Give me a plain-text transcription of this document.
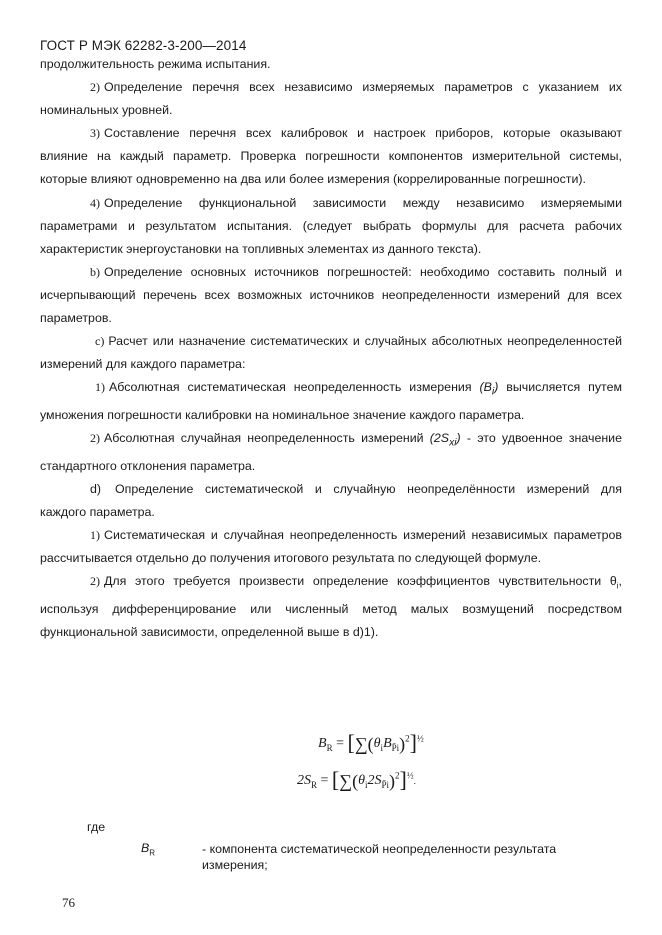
ГОСТ Р МЭК 62282-3-200—2014

продолжительность режима испытания.

2) Определение перечня всех независимо измеряемых параметров с указанием их номинальных уровней.

3) Составление перечня всех калибровок и настроек приборов, которые оказывают влияние на каждый параметр. Проверка погрешности компонентов измерительной системы, которые влияют одновременно на два или более измерения (коррелированные погрешности).

4) Определение функциональной зависимости между независимо измеряемыми параметрами и результатом испытания. (следует выбрать формулы для расчета рабочих характеристик энергоустановки на топливных элементах из данного текста).

b) Определение основных источников погрешностей: необходимо составить полный и исчерпывающий перечень всех возможных источников неопределенности измерений для всех параметров.

c) Расчет или назначение систематических и случайных абсолютных неопределенностей измерений для каждого параметра:

1) Абсолютная систематическая неопределенность измерения $(B_i)$ вычисляется путем умножения погрешности калибровки на номинальное значение каждого параметра.

2) Абсолютная случайная неопределенность измерений $(2S_{xi})$ - это удвоенное значение стандартного отклонения параметра.

d) Определение систематической и случайную неопределённости измерений для каждого параметра.

1) Систематическая и случайная неопределенность измерений независимых параметров рассчитывается отдельно до получения итогового результата по следующей формуле.

2) Для этого требуется произвести определение коэффициентов чувствительности $\theta_i$, используя дифференцирование или численный метод малых возмущений посредством функциональной зависимости, определенной выше в d)1).

$B_R = [\sum(\theta_iB_{P̄i})^2]^{\frac{1}{2}}$
$2S_R = [\sum(\theta_i2S_{P̄i})^2]^{\frac{1}{2}}$.
где
$B_R$	- компонента систематической неопределенности результата измерения;
76
